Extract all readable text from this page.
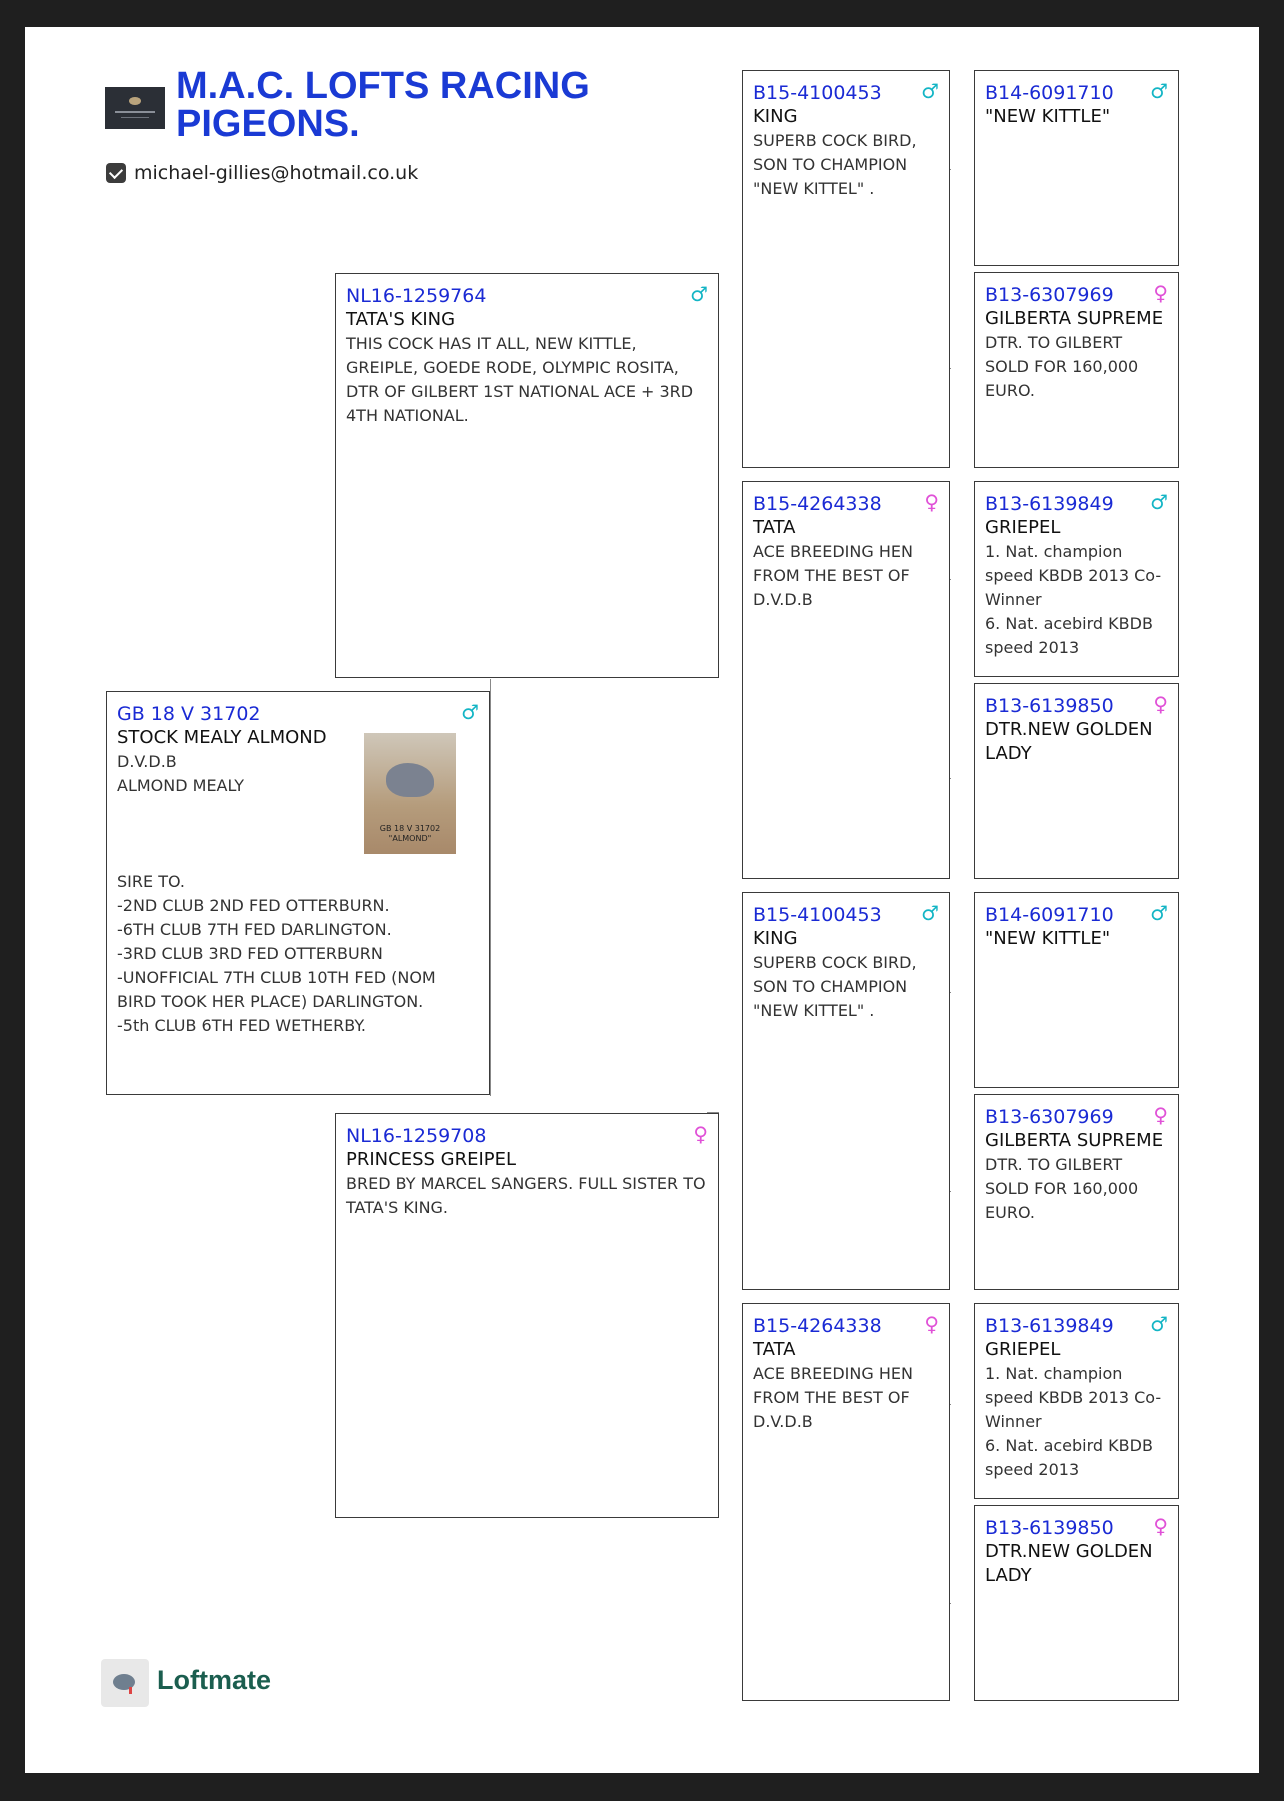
M.A.C. LOFTS RACING PIGEONS.
michael-gillies@hotmail.co.uk
GB 18 V 31702	♂
STOCK MEALY ALMOND
D.V.D.B
ALMOND MEALY

SIRE TO.
-2ND CLUB 2ND FED OTTERBURN.
-6TH CLUB 7TH FED DARLINGTON.
-3RD CLUB 3RD FED OTTERBURN
-UNOFFICIAL 7TH CLUB 10TH FED (NOM BIRD TOOK HER PLACE) DARLINGTON.
-5th CLUB 6TH FED WETHERBY.
GB 18 V 31702
"ALMOND"
NL16-1259764	♂
TATA'S KING
THIS COCK HAS IT ALL, NEW KITTLE, GREIPLE, GOEDE RODE, OLYMPIC ROSITA, DTR OF GILBERT 1ST NATIONAL ACE + 3RD 4TH NATIONAL.
NL16-1259708	♀
PRINCESS GREIPEL
BRED BY MARCEL SANGERS. FULL SISTER TO TATA'S KING.
B15-4100453	♂
KING
SUPERB COCK BIRD,
SON TO CHAMPION "NEW KITTEL" .
B15-4264338	♀
TATA
ACE BREEDING HEN FROM THE BEST OF D.V.D.B
B15-4100453	♂
KING
SUPERB COCK BIRD,
SON TO CHAMPION "NEW KITTEL" .
B15-4264338	♀
TATA
ACE BREEDING HEN FROM THE BEST OF D.V.D.B
B14-6091710	♂
"NEW KITTLE"
B13-6307969	♀
GILBERTA SUPREME
DTR. TO GILBERT SOLD FOR 160,000 EURO.
B13-6139849	♂
GRIEPEL
1. Nat. champion speed KBDB 2013 Co-Winner
6. Nat. acebird KBDB speed 2013
B13-6139850	♀
DTR.NEW GOLDEN LADY
B14-6091710	♂
"NEW KITTLE"
B13-6307969	♀
GILBERTA SUPREME
DTR. TO GILBERT SOLD FOR 160,000 EURO.
B13-6139849	♂
GRIEPEL
1. Nat. champion speed KBDB 2013 Co-Winner
6. Nat. acebird KBDB speed 2013
B13-6139850	♀
DTR.NEW GOLDEN LADY
Loftmate
